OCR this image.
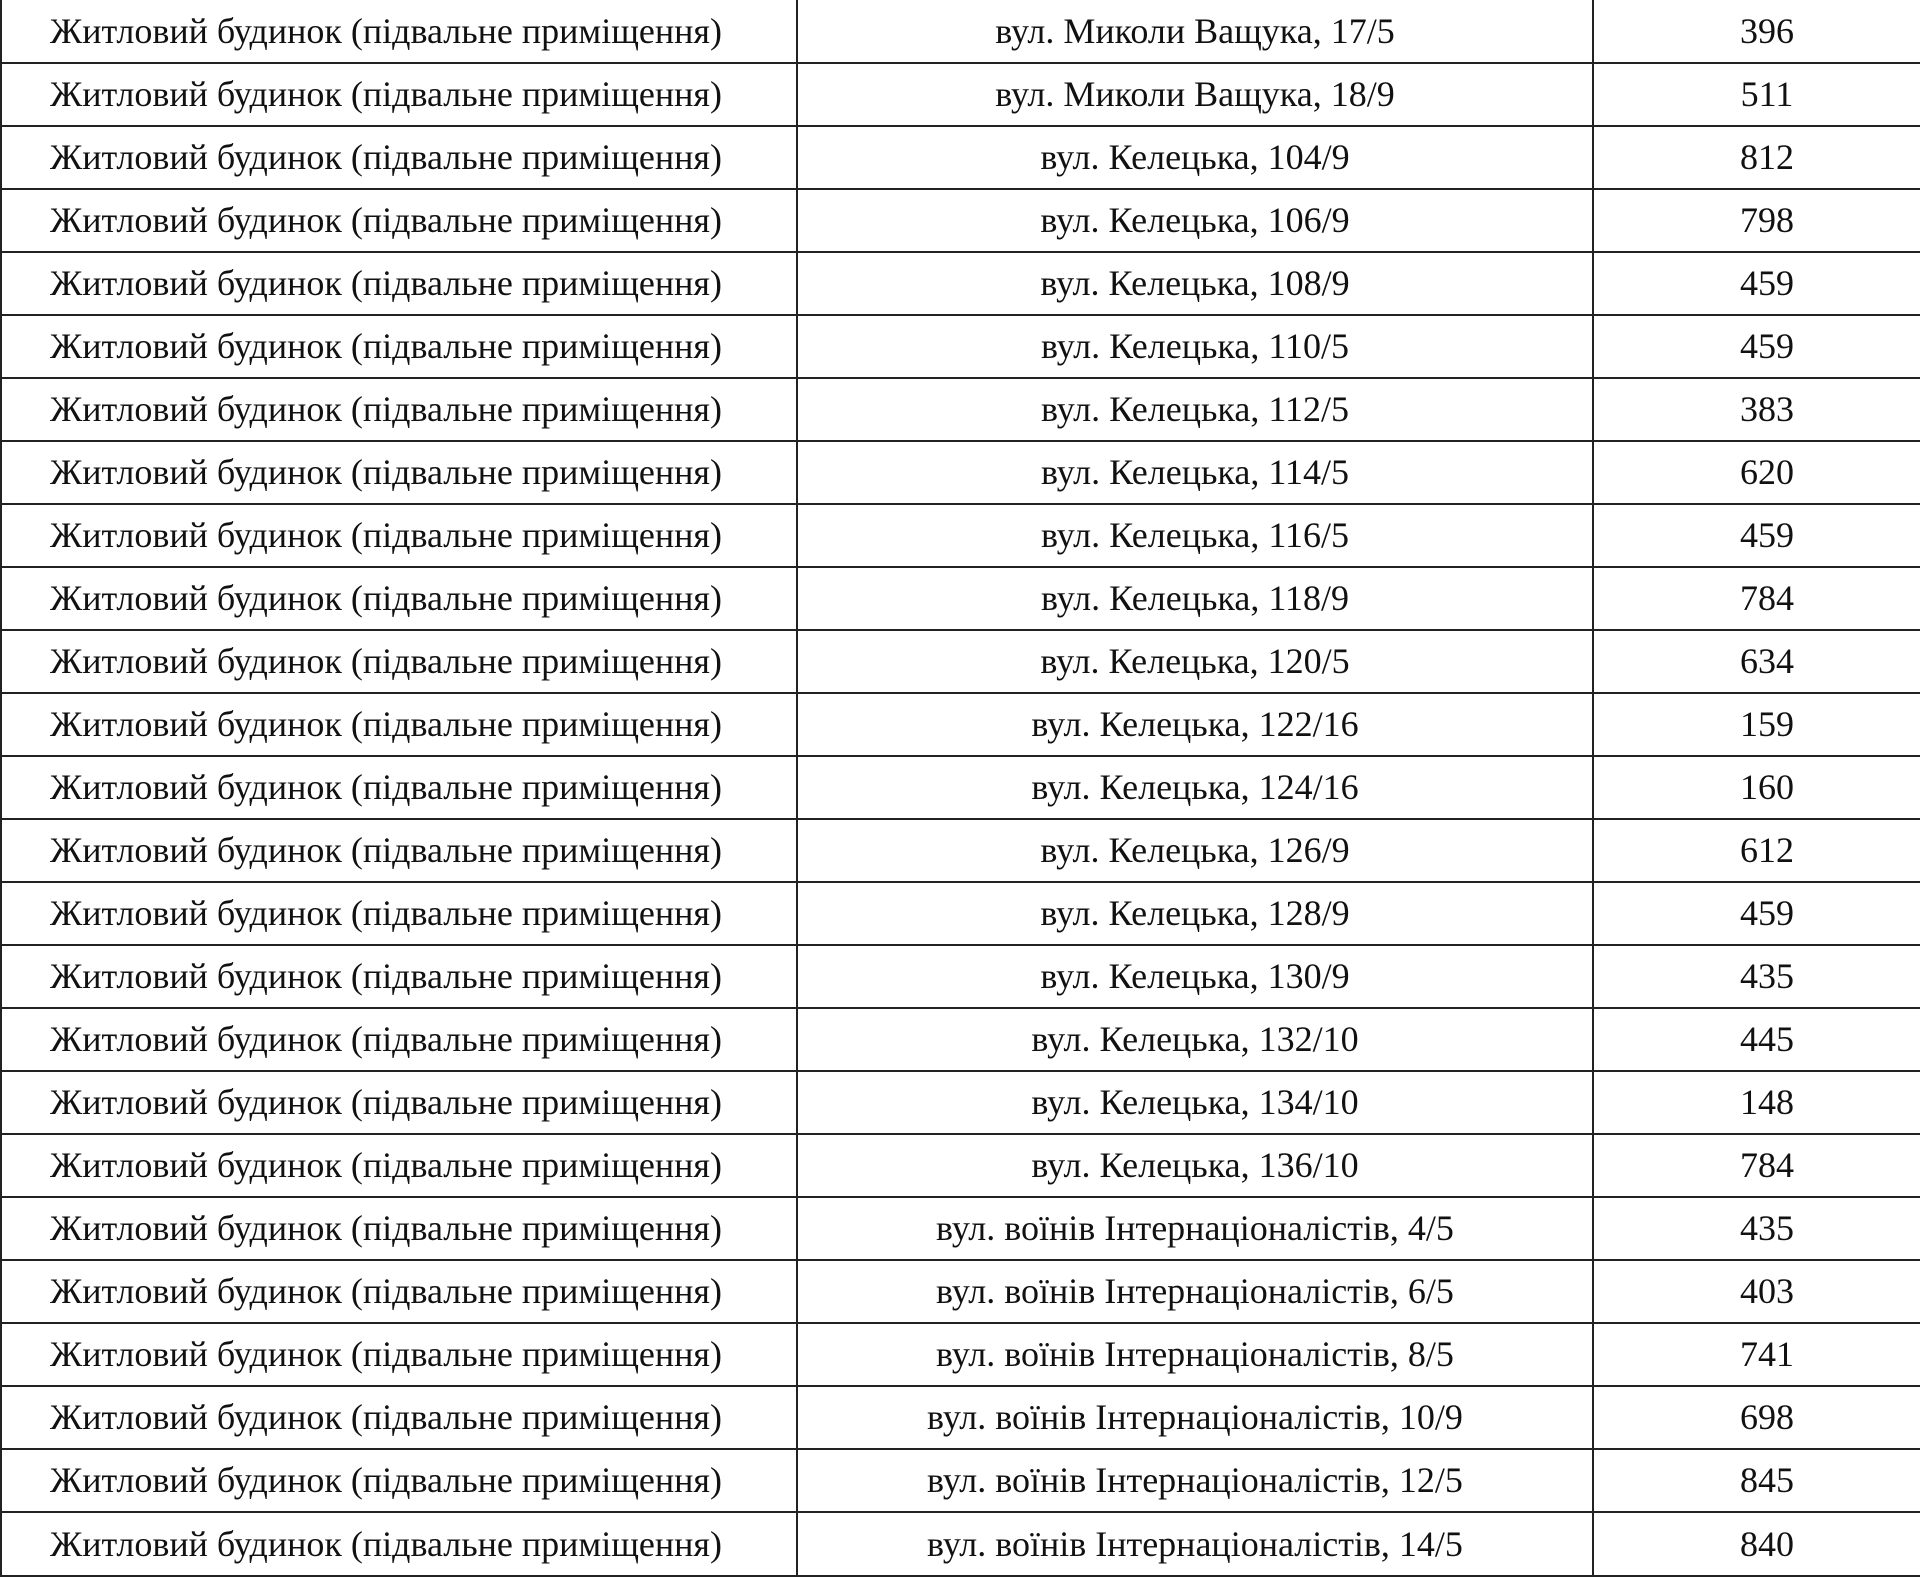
Житловий будинок (підвальне приміщення)	вул. Миколи Ващука, 17/5	396
Житловий будинок (підвальне приміщення)	вул. Миколи Ващука, 18/9	511
Житловий будинок (підвальне приміщення)	вул. Келецька, 104/9	812
Житловий будинок (підвальне приміщення)	вул. Келецька, 106/9	798
Житловий будинок (підвальне приміщення)	вул. Келецька, 108/9	459
Житловий будинок (підвальне приміщення)	вул. Келецька, 110/5	459
Житловий будинок (підвальне приміщення)	вул. Келецька, 112/5	383
Житловий будинок (підвальне приміщення)	вул. Келецька, 114/5	620
Житловий будинок (підвальне приміщення)	вул. Келецька, 116/5	459
Житловий будинок (підвальне приміщення)	вул. Келецька, 118/9	784
Житловий будинок (підвальне приміщення)	вул. Келецька, 120/5	634
Житловий будинок (підвальне приміщення)	вул. Келецька, 122/16	159
Житловий будинок (підвальне приміщення)	вул. Келецька, 124/16	160
Житловий будинок (підвальне приміщення)	вул. Келецька, 126/9	612
Житловий будинок (підвальне приміщення)	вул. Келецька, 128/9	459
Житловий будинок (підвальне приміщення)	вул. Келецька, 130/9	435
Житловий будинок (підвальне приміщення)	вул. Келецька, 132/10	445
Житловий будинок (підвальне приміщення)	вул. Келецька, 134/10	148
Житловий будинок (підвальне приміщення)	вул. Келецька, 136/10	784
Житловий будинок (підвальне приміщення)	вул. воїнів Інтернаціоналістів, 4/5	435
Житловий будинок (підвальне приміщення)	вул. воїнів Інтернаціоналістів, 6/5	403
Житловий будинок (підвальне приміщення)	вул. воїнів Інтернаціоналістів, 8/5	741
Житловий будинок (підвальне приміщення)	вул. воїнів Інтернаціоналістів, 10/9	698
Житловий будинок (підвальне приміщення)	вул. воїнів Інтернаціоналістів, 12/5	845
Житловий будинок (підвальне приміщення)	вул. воїнів Інтернаціоналістів, 14/5	840
